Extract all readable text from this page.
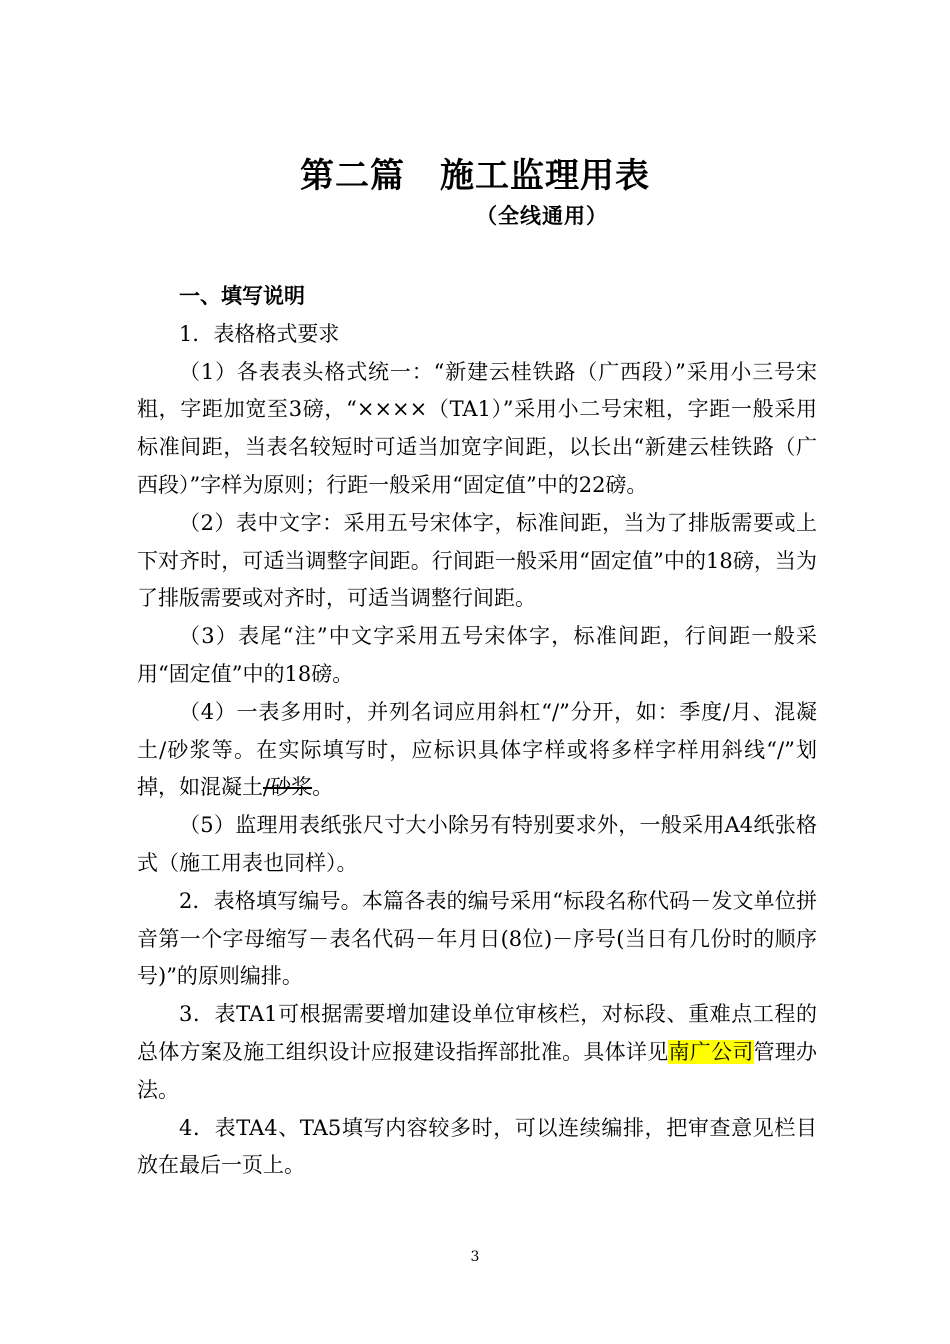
第二篇　施工监理用表
（全线通用）

一、填写说明

1．表格格式要求

（1）各表表头格式统一：“新建云桂铁路（广西段）”采用小三号宋粗，字距加宽至3磅，“××××（TA1）”采用小二号宋粗，字距一般采用标准间距，当表名较短时可适当加宽字间距，以长出“新建云桂铁路（广西段）”字样为原则；行距一般采用“固定值”中的22磅。

（2）表中文字：采用五号宋体字，标准间距，当为了排版需要或上下对齐时，可适当调整字间距。行间距一般采用“固定值”中的18磅，当为了排版需要或对齐时，可适当调整行间距。

（3）表尾“注”中文字采用五号宋体字，标准间距，行间距一般采用“固定值”中的18磅。

（4）一表多用时，并列名词应用斜杠“/”分开，如：季度/月、混凝土/砂浆等。在实际填写时，应标识具体字样或将多样字样用斜线“/”划掉，如混凝土/砂浆。

（5）监理用表纸张尺寸大小除另有特别要求外，一般采用A4纸张格式（施工用表也同样）。

2．表格填写编号。本篇各表的编号采用“标段名称代码－发文单位拼音第一个字母缩写－表名代码－年月日(8位)－序号(当日有几份时的顺序号)”的原则编排。

3．表TA1可根据需要增加建设单位审核栏，对标段、重难点工程的总体方案及施工组织设计应报建设指挥部批准。具体详见南广公司管理办法。

4．表TA4、TA5填写内容较多时，可以连续编排，把审查意见栏目放在最后一页上。

3
